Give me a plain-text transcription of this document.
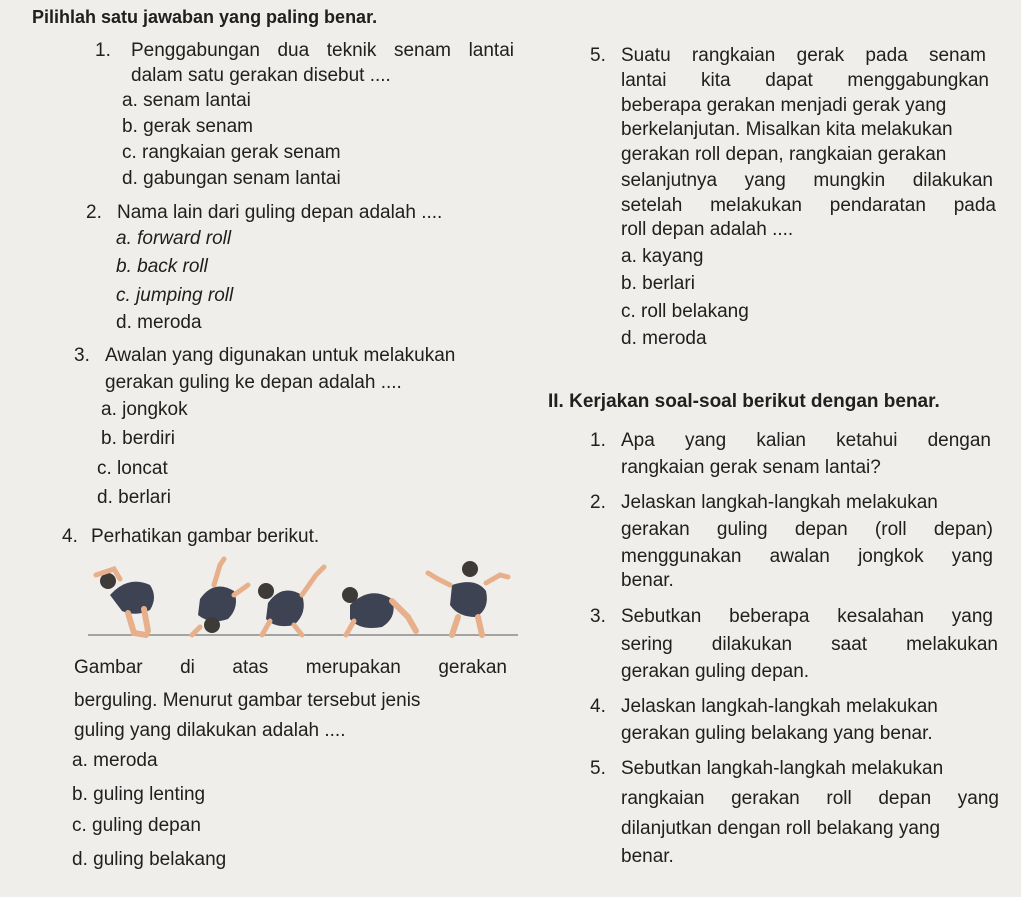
Pilihlah satu jawaban yang paling benar.
1. Penggabungan dua teknik senam lantai
dalam satu gerakan disebut ....
a. senam lantai
b. gerak senam
c. rangkaian gerak senam
d. gabungan senam lantai
2. Nama lain dari guling depan adalah ....
a. forward roll
b. back roll
c. jumping roll
d. meroda
3. Awalan yang digunakan untuk melakukan
gerakan guling ke depan adalah ....
a. jongkok
b. berdiri
c. loncat
d. berlari
4. Perhatikan gambar berikut.
Gambar di atas merupakan gerakan
berguling. Menurut gambar tersebut jenis
guling yang dilakukan adalah ....
a. meroda
b. guling lenting
c. guling depan
d. guling belakang
5. Suatu rangkaian gerak pada senam
lantai kita dapat menggabungkan
beberapa gerakan menjadi gerak yang
berkelanjutan. Misalkan kita melakukan
gerakan roll depan, rangkaian gerakan
selanjutnya yang mungkin dilakukan
setelah melakukan pendaratan pada
roll depan adalah ....
a. kayang
b. berlari
c. roll belakang
d. meroda
II. Kerjakan soal-soal berikut dengan benar.
1. Apa yang kalian ketahui dengan
rangkaian gerak senam lantai?
2. Jelaskan langkah-langkah melakukan
gerakan guling depan (roll depan)
menggunakan awalan jongkok yang
benar.
3. Sebutkan beberapa kesalahan yang
sering dilakukan saat melakukan
gerakan guling depan.
4. Jelaskan langkah-langkah melakukan
gerakan guling belakang yang benar.
5. Sebutkan langkah-langkah melakukan
rangkaian gerakan roll depan yang
dilanjutkan dengan roll belakang yang
benar.
